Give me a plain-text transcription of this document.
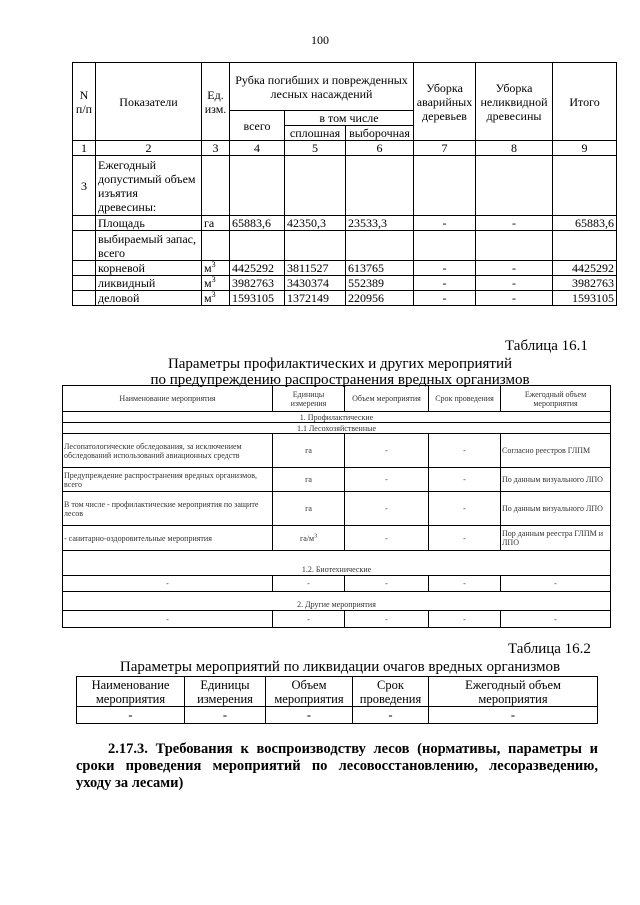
100
N п/п	Показатели	Ед. изм.	Рубка погибших и поврежденных лесных насаждений			Уборка аварийных деревьев	Уборка неликвидной древесины	Итого
			всего	в том числе				
				сплошная	выборочная			
1	2	3	4	5	6	7	8	9
3	Ежегодный допустимый объем изъятия древесины:							
	Площадь	га	65883,6	42350,3	23533,3	-	-	65883,6
	выбираемый запас, всего							
	корневой	$м^3$	4425292	3811527	613765	-	-	4425292
	ликвидный	$м^3$	3982763	3430374	552389	-	-	3982763
	деловой	$м^3$	1593105	1372149	220956	-	-	1593105
Таблица 16.1
Параметры профилактических и других мероприятий
по предупреждению распространения вредных организмов
Наименование мероприятия	Единицы измерения	Объем мероприятия	Срок проведения	Ежегодный объем мероприятия
1. Профилактические				
1.1 Лесохозяйственные				
Лесопатологические обследования, за исключением обследований использований авиационных средств	га	-	-	Согласно реестров ГЛПМ
Предупреждение распространения вредных организмов, всего	га	-	-	По данным визуального ЛПО
В том числе - профилактические мероприятия по защите лесов	га	-	-	По данным визуального ЛПО
- санитарно-оздоровительные мероприятия	$га/м^3$	-	-	Пор данным реестра ГЛПМ и ЛПО

1.2. Биотехнические				
-	-	-	-	-

2. Другие мероприятия				
-	-	-	-	-
Таблица 16.2
Параметры мероприятий по ликвидации очагов вредных организмов
Наименование мероприятия	Единицы измерения	Объем мероприятия	Срок проведения	Ежегодный объем мероприятия
-	-	-	-	-
2.17.3. Требования к воспроизводству лесов (нормативы, параметры и сроки проведения мероприятий по лесовосстановлению, лесоразведению, уходу за лесами)
